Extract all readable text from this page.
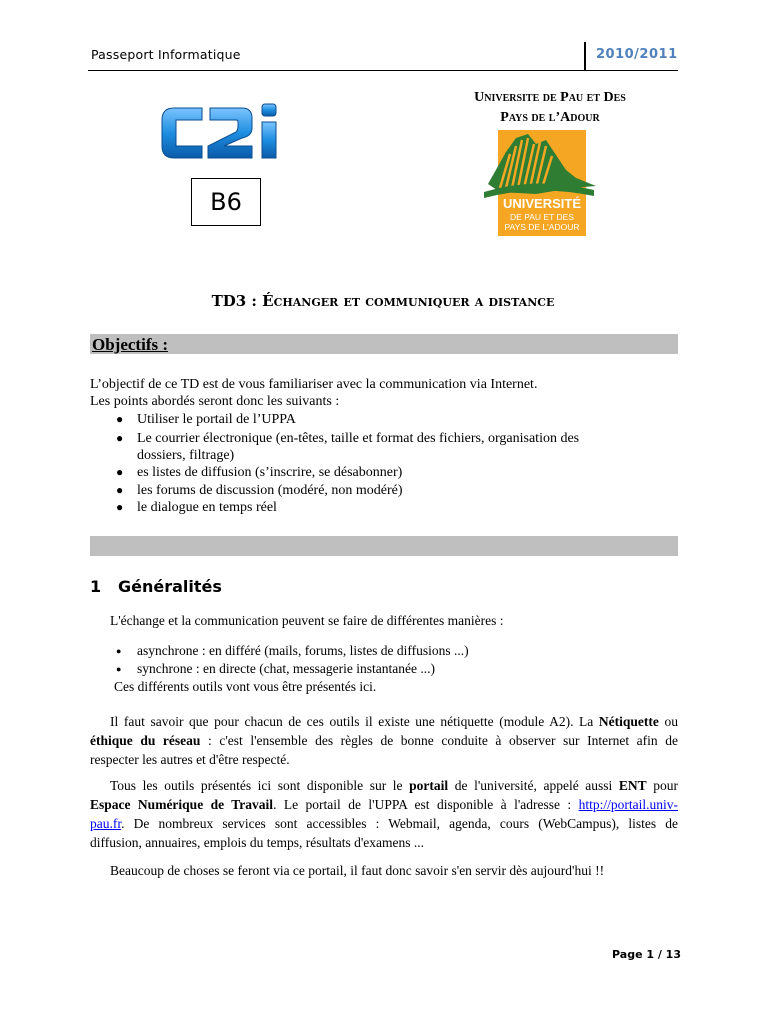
Passeport Informatique	2010/2011
B6
Universite de Pau et Des
Pays de l’Adour
UNIVERSITÉ
DE PAU ET DES
PAYS DE L'ADOUR
TD3 : Échanger et communiquer a distance
Objectifs :
L’objectif de ce TD est de vous familiariser avec la communication via Internet.
Les points abordés seront donc les suivants :
● Utiliser le portail de l’UPPA
● Le courrier électronique (en-têtes, taille et format des fichiers, organisation des
dossiers, filtrage)
● es listes de diffusion (s’inscrire, se désabonner)
● les forums de discussion (modéré, non modéré)
● le dialogue en temps réel
1 Généralités
L'échange et la communication peuvent se faire de différentes manières :
● asynchrone : en différé (mails, forums, listes de diffusions ...)
● synchrone : en directe (chat, messagerie instantanée ...)
Ces différents outils vont vous être présentés ici.
Il faut savoir que pour chacun de ces outils il existe une nétiquette (module A2). La Nétiquette ou
éthique du réseau : c'est l'ensemble des règles de bonne conduite à observer sur Internet afin de
respecter les autres et d'être respecté.
Tous les outils présentés ici sont disponible sur le portail de l'université, appelé aussi ENT pour
Espace Numérique de Travail. Le portail de l'UPPA est disponible à l'adresse : http://portail.univ-
pau.fr. De nombreux services sont accessibles : Webmail, agenda, cours (WebCampus), listes de
diffusion, annuaires, emplois du temps, résultats d'examens ...
Beaucoup de choses se feront via ce portail, il faut donc savoir s'en servir dès aujourd'hui !!
Page 1 / 13
